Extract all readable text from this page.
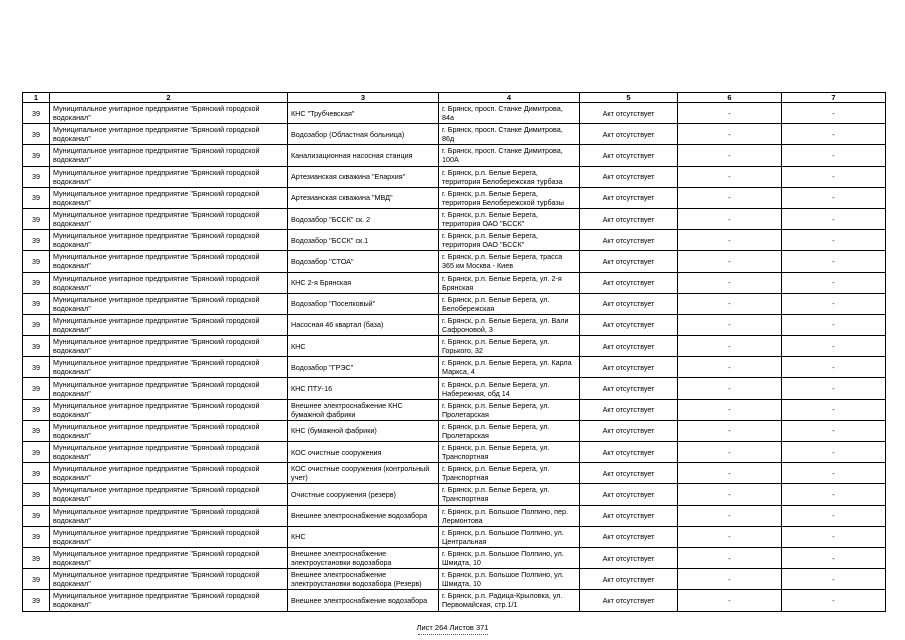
1	2	3	4	5	6	7
39	Муниципальное унитарное предприятие "Брянский городской водоканал"	КНС "Трубчевская"	г. Брянск, просп. Станке Димитрова, 84а	Акт отсутствует	-	-
39	Муниципальное унитарное предприятие "Брянский городской водоканал"	Водозабор (Областная больница)	г. Брянск, просп. Станке Димитрова, 86д	Акт отсутствует	-	-
39	Муниципальное унитарное предприятие "Брянский городской водоканал"	Канализационная насосная станция	г. Брянск, просп. Станке Димитрова, 100А	Акт отсутствует	-	-
39	Муниципальное унитарное предприятие "Брянский городской водоканал"	Артезианская скважина "Епархия"	г. Брянск, р.п. Белые Берега, территория Белобережская турбаза	Акт отсутствует	-	-
39	Муниципальное унитарное предприятие "Брянский городской водоканал"	Артезианская скважина "МВД"	г. Брянск, р.п. Белые Берега, территория Белобережской турбазы	Акт отсутствует	-	-
39	Муниципальное унитарное предприятие "Брянский городской водоканал"	Водозабор "БССК" ск. 2	г. Брянск, р.п. Белые Берега, территория ОАО "БССК"	Акт отсутствует	-	-
39	Муниципальное унитарное предприятие "Брянский городской водоканал"	Водозабор "БССК" ск.1	г. Брянск, р.п. Белые Берега, территория ОАО "БССК"	Акт отсутствует	-	-
39	Муниципальное унитарное предприятие "Брянский городской водоканал"	Водозабор "СТОА"	г. Брянск, р.п. Белые Берега, трасса 365 км Москва - Киев	Акт отсутствует	-	-
39	Муниципальное унитарное предприятие "Брянский городской водоканал"	КНС 2-я Брянская	г. Брянск, р.п. Белые Берега, ул. 2-я Брянская	Акт отсутствует	-	-
39	Муниципальное унитарное предприятие "Брянский городской водоканал"	Водозабор "Поселковый"	г. Брянск, р.п. Белые Берега, ул. Белобережская	Акт отсутствует	-	-
39	Муниципальное унитарное предприятие "Брянский городской водоканал"	Насосная 46 квартал (база)	г. Брянск, р.п. Белые Берега, ул. Вали Сафроновой, 3	Акт отсутствует	-	-
39	Муниципальное унитарное предприятие "Брянский городской водоканал"	КНС	г. Брянск, р.п. Белые Берега, ул. Горького, 32	Акт отсутствует	-	-
39	Муниципальное унитарное предприятие "Брянский городской водоканал"	Водозабор "ГРЭС"	г. Брянск, р.п. Белые Берега, ул. Карла Маркса, 4	Акт отсутствует	-	-
39	Муниципальное унитарное предприятие "Брянский городской водоканал"	КНС ПТУ-16	г. Брянск, р.п. Белые Берега, ул. Набережная, обд 14	Акт отсутствует	-	-
39	Муниципальное унитарное предприятие "Брянский городской водоканал"	Внешнее электроснабжение КНС бумажной фабрики	г. Брянск, р.п. Белые Берега, ул. Пролетарская	Акт отсутствует	-	-
39	Муниципальное унитарное предприятие "Брянский городской водоканал"	КНС (бумажной фабрики)	г. Брянск, р.п. Белые Берега, ул. Пролетарская	Акт отсутствует	-	-
39	Муниципальное унитарное предприятие "Брянский городской водоканал"	КОС очистные сооружения	г. Брянск, р.п. Белые Берега, ул. Транспортная	Акт отсутствует	-	-
39	Муниципальное унитарное предприятие "Брянский городской водоканал"	КОС очистные сооружения (контрольный учет)	г. Брянск, р.п. Белые Берега, ул. Транспортная	Акт отсутствует	-	-
39	Муниципальное унитарное предприятие "Брянский городской водоканал"	Очистные сооружения (резерв)	г. Брянск, р.п. Белые Берега, ул. Транспортная	Акт отсутствует	-	-
39	Муниципальное унитарное предприятие "Брянский городской водоканал"	Внешнее электроснабжение водозабора	г. Брянск, р.п. Большое Полпино, пер. Лермонтова	Акт отсутствует	-	-
39	Муниципальное унитарное предприятие "Брянский городской водоканал"	КНС	г. Брянск, р.п. Большое Полпино, ул. Центральная	Акт отсутствует	-	-
39	Муниципальное унитарное предприятие "Брянский городской водоканал"	Внешнее электроснабжение электроустановки водозабора	г. Брянск, р.п. Большое Полпино, ул. Шмидта, 10	Акт отсутствует	-	-
39	Муниципальное унитарное предприятие "Брянский городской водоканал"	Внешнее электроснабжение электроустановки водозабора (Резерв)	г. Брянск, р.п. Большое Полпино, ул. Шмидта, 10	Акт отсутствует	-	-
39	Муниципальное унитарное предприятие "Брянский городской водоканал"	Внешнее электроснабжение водозабора	г. Брянск, р.п. Радица-Крыловка, ул. Первомайская, стр.1/1	Акт отсутствует	-	-
Лист 264 Листов 371
